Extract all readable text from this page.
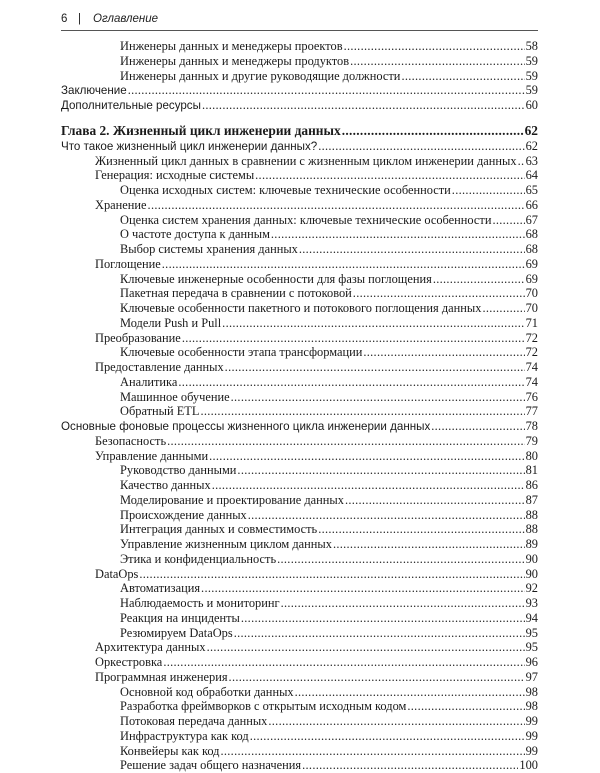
6 | Оглавление
Инженеры данных и менеджеры проектов .....	58
Инженеры данных и менеджеры продуктов .....	59
Инженеры данных и другие руководящие должности .....	59
Заключение .....	59
Дополнительные ресурсы .....	60
Глава 2. Жизненный цикл инженерии данных .....	62
Что такое жизненный цикл инженерии данных? .....	62
Жизненный цикл данных в сравнении с жизненным циклом инженерии данных ..... 63
Генерация: исходные системы .....	64
Оценка исходных систем: ключевые технические особенности .....	65
Хранение .....	66
Оценка систем хранения данных: ключевые технические особенности .....	67
О частоте доступа к данным .....	68
Выбор системы хранения данных .....	68
Поглощение .....	69
Ключевые инженерные особенности для фазы поглощения .....	69
Пакетная передача в сравнении с потоковой .....	70
Ключевые особенности пакетного и потокового поглощения данных .....	70
Модели Push и Pull .....	71
Преобразование .....	72
Ключевые особенности этапа трансформации .....	72
Предоставление данных .....	74
Аналитика .....	74
Машинное обучение .....	76
Обратный ETL .....	77
Основные фоновые процессы жизненного цикла инженерии данных .....	78
Безопасность .....	79
Управление данными .....	80
Руководство данными .....	81
Качество данных .....	86
Моделирование и проектирование данных .....	87
Происхождение данных .....	88
Интеграция данных и совместимость .....	88
Управление жизненным циклом данных .....	89
Этика и конфиденциальность .....	90
DataOps .....	90
Автоматизация .....	92
Наблюдаемость и мониторинг .....	93
Реакция на инциденты .....	94
Резюмируем DataOps .....	95
Архитектура данных .....	95
Оркестровка .....	96
Программная инженерия .....	97
Основной код обработки данных .....	98
Разработка фреймворков с открытым исходным кодом .....	98
Потоковая передача данных .....	99
Инфраструктура как код .....	99
Конвейеры как код .....	99
Решение задач общего назначения .....	100
